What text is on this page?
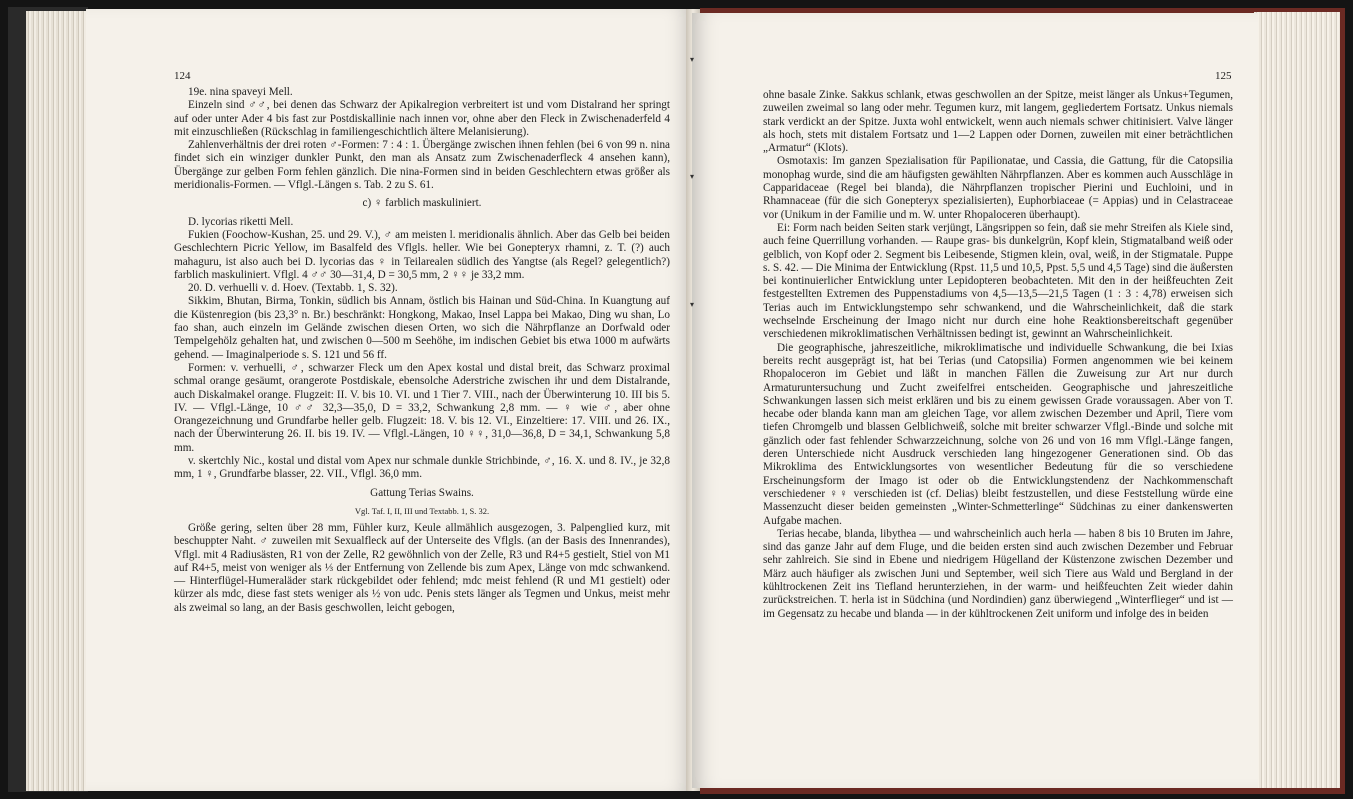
124

19e. nina spaveyi Mell.

Einzeln sind ♂♂, bei denen das Schwarz der Apikalregion verbreitert ist und vom Distalrand her springt auf oder unter Ader 4 bis fast zur Postdiskallinie nach innen vor, ohne aber den Fleck in Zwischenaderfeld 4 mit einzuschließen (Rückschlag in familiengeschichtlich ältere Melanisierung).

Zahlenverhältnis der drei roten ♂-Formen: 7 : 4 : 1. Übergänge zwischen ihnen fehlen (bei 6 von 99 n. nina findet sich ein winziger dunkler Punkt, den man als Ansatz zum Zwischenaderfleck 4 ansehen kann), Übergänge zur gelben Form fehlen gänzlich. Die nina-Formen sind in beiden Geschlechtern etwas größer als meridionalis-Formen. — Vflgl.-Längen s. Tab. 2 zu S. 61.

c) ♀ farblich maskuliniert.

D. lycorias riketti Mell.

Fukien (Foochow-Kushan, 25. und 29. V.), ♂ am meisten l. meridionalis ähnlich. Aber das Gelb bei beiden Geschlechtern Picric Yellow, im Basalfeld des Vflgls. heller. Wie bei Gonepteryx rhamni, z. T. (?) auch mahaguru, ist also auch bei D. lycorias das ♀ in Teilarealen südlich des Yangtse (als Regel? gelegentlich?) farblich maskuliniert. Vflgl. 4 ♂♂ 30—31,4, D = 30,5 mm, 2 ♀♀ je 33,2 mm.

20. D. verhuelli v. d. Hoev. (Textabb. 1, S. 32).

Sikkim, Bhutan, Birma, Tonkin, südlich bis Annam, östlich bis Hainan und Süd-China. In Kuangtung auf die Küstenregion (bis 23,3° n. Br.) beschränkt: Hongkong, Makao, Insel Lappa bei Makao, Ding wu shan, Lo fao shan, auch einzeln im Gelände zwischen diesen Orten, wo sich die Nährpflanze an Dorfwald oder Tempelgehölz gehalten hat, und zwischen 0—500 m Seehöhe, im indischen Gebiet bis etwa 1000 m aufwärts gehend. — Imaginalperiode s. S. 121 und 56 ff.

Formen: v. verhuelli, ♂, schwarzer Fleck um den Apex kostal und distal breit, das Schwarz proximal schmal orange gesäumt, orangerote Postdiskale, ebensolche Aderstriche zwischen ihr und dem Distalrande, auch Diskalmakel orange. Flugzeit: II. V. bis 10. VI. und 1 Tier 7. VIII., nach der Überwinterung 10. III bis 5. IV. — Vflgl.-Länge, 10 ♂♂ 32,3—35,0, D = 33,2, Schwankung 2,8 mm. — ♀ wie ♂, aber ohne Orangezeichnung und Grundfarbe heller gelb. Flugzeit: 18. V. bis 12. VI., Einzeltiere: 17. VIII. und 26. IX., nach der Überwinterung 26. II. bis 19. IV. — Vflgl.-Längen, 10 ♀♀, 31,0—36,8, D = 34,1, Schwankung 5,8 mm.

v. skertchly Nic., kostal und distal vom Apex nur schmale dunkle Strichbinde, ♂, 16. X. und 8. IV., je 32,8 mm, 1 ♀, Grundfarbe blasser, 22. VII., Vflgl. 36,0 mm.

Gattung Terias Swains.

Vgl. Taf. I, II, III und Textabb. 1, S. 32.

Größe gering, selten über 28 mm, Fühler kurz, Keule allmählich ausgezogen, 3. Palpenglied kurz, mit beschuppter Naht. ♂ zuweilen mit Sexualfleck auf der Unterseite des Vflgls. (an der Basis des Innenrandes), Vflgl. mit 4 Radiusästen, R1 von der Zelle, R2 gewöhnlich von der Zelle, R3 und R4+5 gestielt, Stiel von M1 auf R4+5, meist von weniger als ⅓ der Entfernung von Zellende bis zum Apex, Länge von mdc schwankend. — Hinterflügel-Humeraläder stark rückgebildet oder fehlend; mdc meist fehlend (R und M1 gestielt) oder kürzer als mdc, diese fast stets weniger als ½ von udc. Penis stets länger als Tegmen und Unkus, meist mehr als zweimal so lang, an der Basis geschwollen, leicht gebogen,

125

ohne basale Zinke. Sakkus schlank, etwas geschwollen an der Spitze, meist länger als Unkus+Tegumen, zuweilen zweimal so lang oder mehr. Tegumen kurz, mit langem, gegliedertem Fortsatz. Unkus niemals stark verdickt an der Spitze. Juxta wohl entwickelt, wenn auch niemals schwer chitinisiert. Valve länger als hoch, stets mit distalem Fortsatz und 1—2 Lappen oder Dornen, zuweilen mit einer beträchtlichen „Armatur“ (Klots).

Osmotaxis: Im ganzen Spezialisation für Papilionatae, und Cassia, die Gattung, für die Catopsilia monophag wurde, sind die am häufigsten gewählten Nährpflanzen. Aber es kommen auch Ausschläge in Capparidaceae (Regel bei blanda), die Nährpflanzen tropischer Pierini und Euchloini, und in Rhamnaceae (für die sich Gonepteryx spezialisierten), Euphorbiaceae (= Appias) und in Celastraceae vor (Unikum in der Familie und m. W. unter Rhopaloceren überhaupt).

Ei: Form nach beiden Seiten stark verjüngt, Längsrippen so fein, daß sie mehr Streifen als Kiele sind, auch feine Querrillung vorhanden. — Raupe gras- bis dunkelgrün, Kopf klein, Stigmatalband weiß oder gelblich, von Kopf oder 2. Segment bis Leibesende, Stigmen klein, oval, weiß, in der Stigmatale. Puppe s. S. 42. — Die Minima der Entwicklung (Rpst. 11,5 und 10,5, Ppst. 5,5 und 4,5 Tage) sind die äußersten bei kontinuierlicher Entwicklung unter Lepidopteren beobachteten. Mit den in der heißfeuchten Zeit festgestellten Extremen des Puppenstadiums von 4,5—13,5—21,5 Tagen (1 : 3 : 4,78) erweisen sich Terias auch im Entwicklungstempo sehr schwankend, und die Wahrscheinlichkeit, daß die stark wechselnde Erscheinung der Imago nicht nur durch eine hohe Reaktionsbereitschaft gegenüber verschiedenen mikroklimatischen Verhältnissen bedingt ist, gewinnt an Wahrscheinlichkeit.

Die geographische, jahreszeitliche, mikroklimatische und individuelle Schwankung, die bei Ixias bereits recht ausgeprägt ist, hat bei Terias (und Catopsilia) Formen angenommen wie bei keinem Rhopaloceron im Gebiet und läßt in manchen Fällen die Zuweisung zur Art nur durch Armaturuntersuchung und Zucht zweifelfrei entscheiden. Geographische und jahreszeitliche Schwankungen lassen sich meist erklären und bis zu einem gewissen Grade voraussagen. Aber von T. hecabe oder blanda kann man am gleichen Tage, vor allem zwischen Dezember und April, Tiere vom tiefen Chromgelb und blassen Gelblichweiß, solche mit breiter schwarzer Vflgl.-Binde und solche mit gänzlich oder fast fehlender Schwarzzeichnung, solche von 26 und von 16 mm Vflgl.-Länge fangen, deren Unterschiede nicht Ausdruck verschieden lang hingezogener Generationen sind. Ob das Mikroklima des Entwicklungsortes von wesentlicher Bedeutung für die so verschiedene Erscheinungsform der Imago ist oder ob die Entwicklungstendenz der Nachkommenschaft verschiedener ♀♀ verschieden ist (cf. Delias) bleibt festzustellen, und diese Feststellung würde eine Massenzucht dieser beiden gemeinsten „Winter-Schmetterlinge“ Südchinas zu einer dankenswerten Aufgabe machen.

Terias hecabe, blanda, libythea — und wahrscheinlich auch herla — haben 8 bis 10 Bruten im Jahre, sind das ganze Jahr auf dem Fluge, und die beiden ersten sind auch zwischen Dezember und Februar sehr zahlreich. Sie sind in Ebene und niedrigem Hügelland der Küstenzone zwischen Dezember und März auch häufiger als zwischen Juni und September, weil sich Tiere aus Wald und Bergland in der kühltrockenen Zeit ins Tiefland herunterziehen, in der warm- und heißfeuchten Zeit wieder dahin zurückstreichen. T. herla ist in Südchina (und Nordindien) ganz überwiegend „Winterflieger“ und ist — im Gegensatz zu hecabe und blanda — in der kühltrockenen Zeit uniform und infolge des in beiden

▾
▾
▾
